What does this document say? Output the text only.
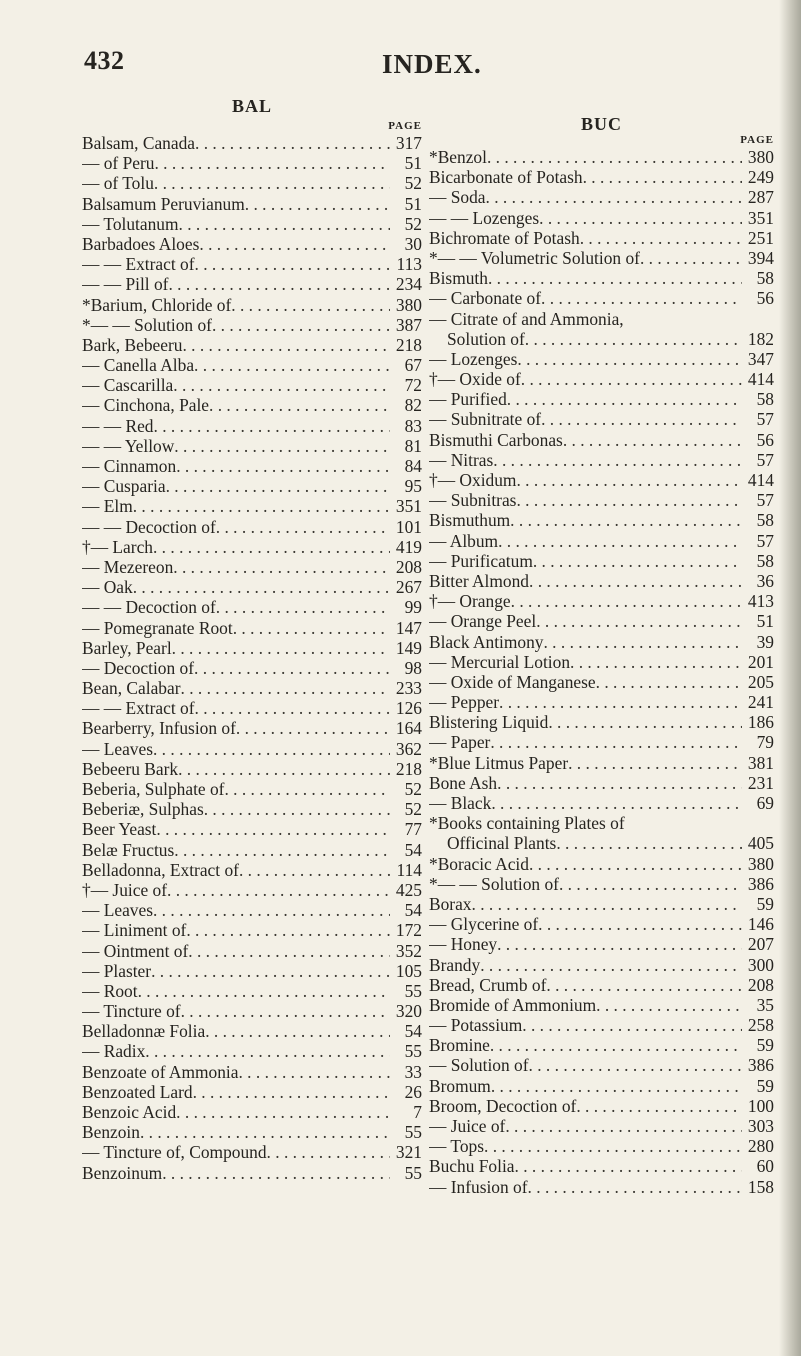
432	INDEX.
BAL
PAGE
Balsam, Canada . . .	317
— of Peru . . .	51
— of Tolu . . .	52
Balsamum Peruvianum . . .	51
— Tolutanum . . .	52
Barbadoes Aloes . . .	30
— — Extract of . . .	113
— — Pill of . . .	234
*Barium, Chloride of . . .	380
*— — Solution of . . .	387
Bark, Bebeeru . . .	218
— Canella Alba . . .	67
— Cascarilla . . .	72
— Cinchona, Pale . . .	82
— — Red . . .	83
— — Yellow . . .	81
— Cinnamon . . .	84
— Cusparia . . .	95
— Elm . . .	351
— — Decoction of . . .	101
†— Larch . . .	419
— Mezereon . . .	208
— Oak . . .	267
— — Decoction of . . .	99
— Pomegranate Root . . .	147
Barley, Pearl . . .	149
— Decoction of . . .	98
Bean, Calabar . . .	233
— — Extract of . . .	126
Bearberry, Infusion of . . .	164
— Leaves . . .	362
Bebeeru Bark . . .	218
Beberia, Sulphate of . . .	52
Beberiæ, Sulphas . . .	52
Beer Yeast . . .	77
Belæ Fructus . . .	54
Belladonna, Extract of . . .	114
†— Juice of . . .	425
— Leaves . . .	54
— Liniment of . . .	172
— Ointment of . . .	352
— Plaster . . .	105
— Root . . .	55
— Tincture of . . .	320
Belladonnæ Folia . . .	54
— Radix . . .	55
Benzoate of Ammonia . . .	33
Benzoated Lard . . .	26
Benzoic Acid . . .	7
Benzoin . . .	55
— Tincture of, Compound . . .	321
Benzoinum . . .	55
BUC
PAGE
*Benzol . . .	380
Bicarbonate of Potash . . .	249
— Soda . . .	287
— — Lozenges . . .	351
Bichromate of Potash . . .	251
*— — Volumetric Solution of . . .	394
Bismuth . . .	58
— Carbonate of . . .	56
— Citrate of and Ammonia,
Solution of . . .	182
— Lozenges . . .	347
†— Oxide of . . .	414
— Purified . . .	58
— Subnitrate of . . .	57
Bismuthi Carbonas . . .	56
— Nitras . . .	57
†— Oxidum . . .	414
— Subnitras . . .	57
Bismuthum . . .	58
— Album . . .	57
— Purificatum . . .	58
Bitter Almond . . .	36
†— Orange . . .	413
— Orange Peel . . .	51
Black Antimony . . .	39
— Mercurial Lotion . . .	201
— Oxide of Manganese . . .	205
— Pepper . . .	241
Blistering Liquid . . .	186
— Paper . . .	79
*Blue Litmus Paper . . .	381
Bone Ash . . .	231
— Black . . .	69
*Books containing Plates of
Officinal Plants . . .	405
*Boracic Acid . . .	380
*— — Solution of . . .	386
Borax . . .	59
— Glycerine of . . .	146
— Honey . . .	207
Brandy . . .	300
Bread, Crumb of . . .	208
Bromide of Ammonium . . .	35
— Potassium . . .	258
Bromine . . .	59
— Solution of . . .	386
Bromum . . .	59
Broom, Decoction of . . .	100
— Juice of . . .	303
— Tops . . .	280
Buchu Folia . . .	60
— Infusion of . . .	158
